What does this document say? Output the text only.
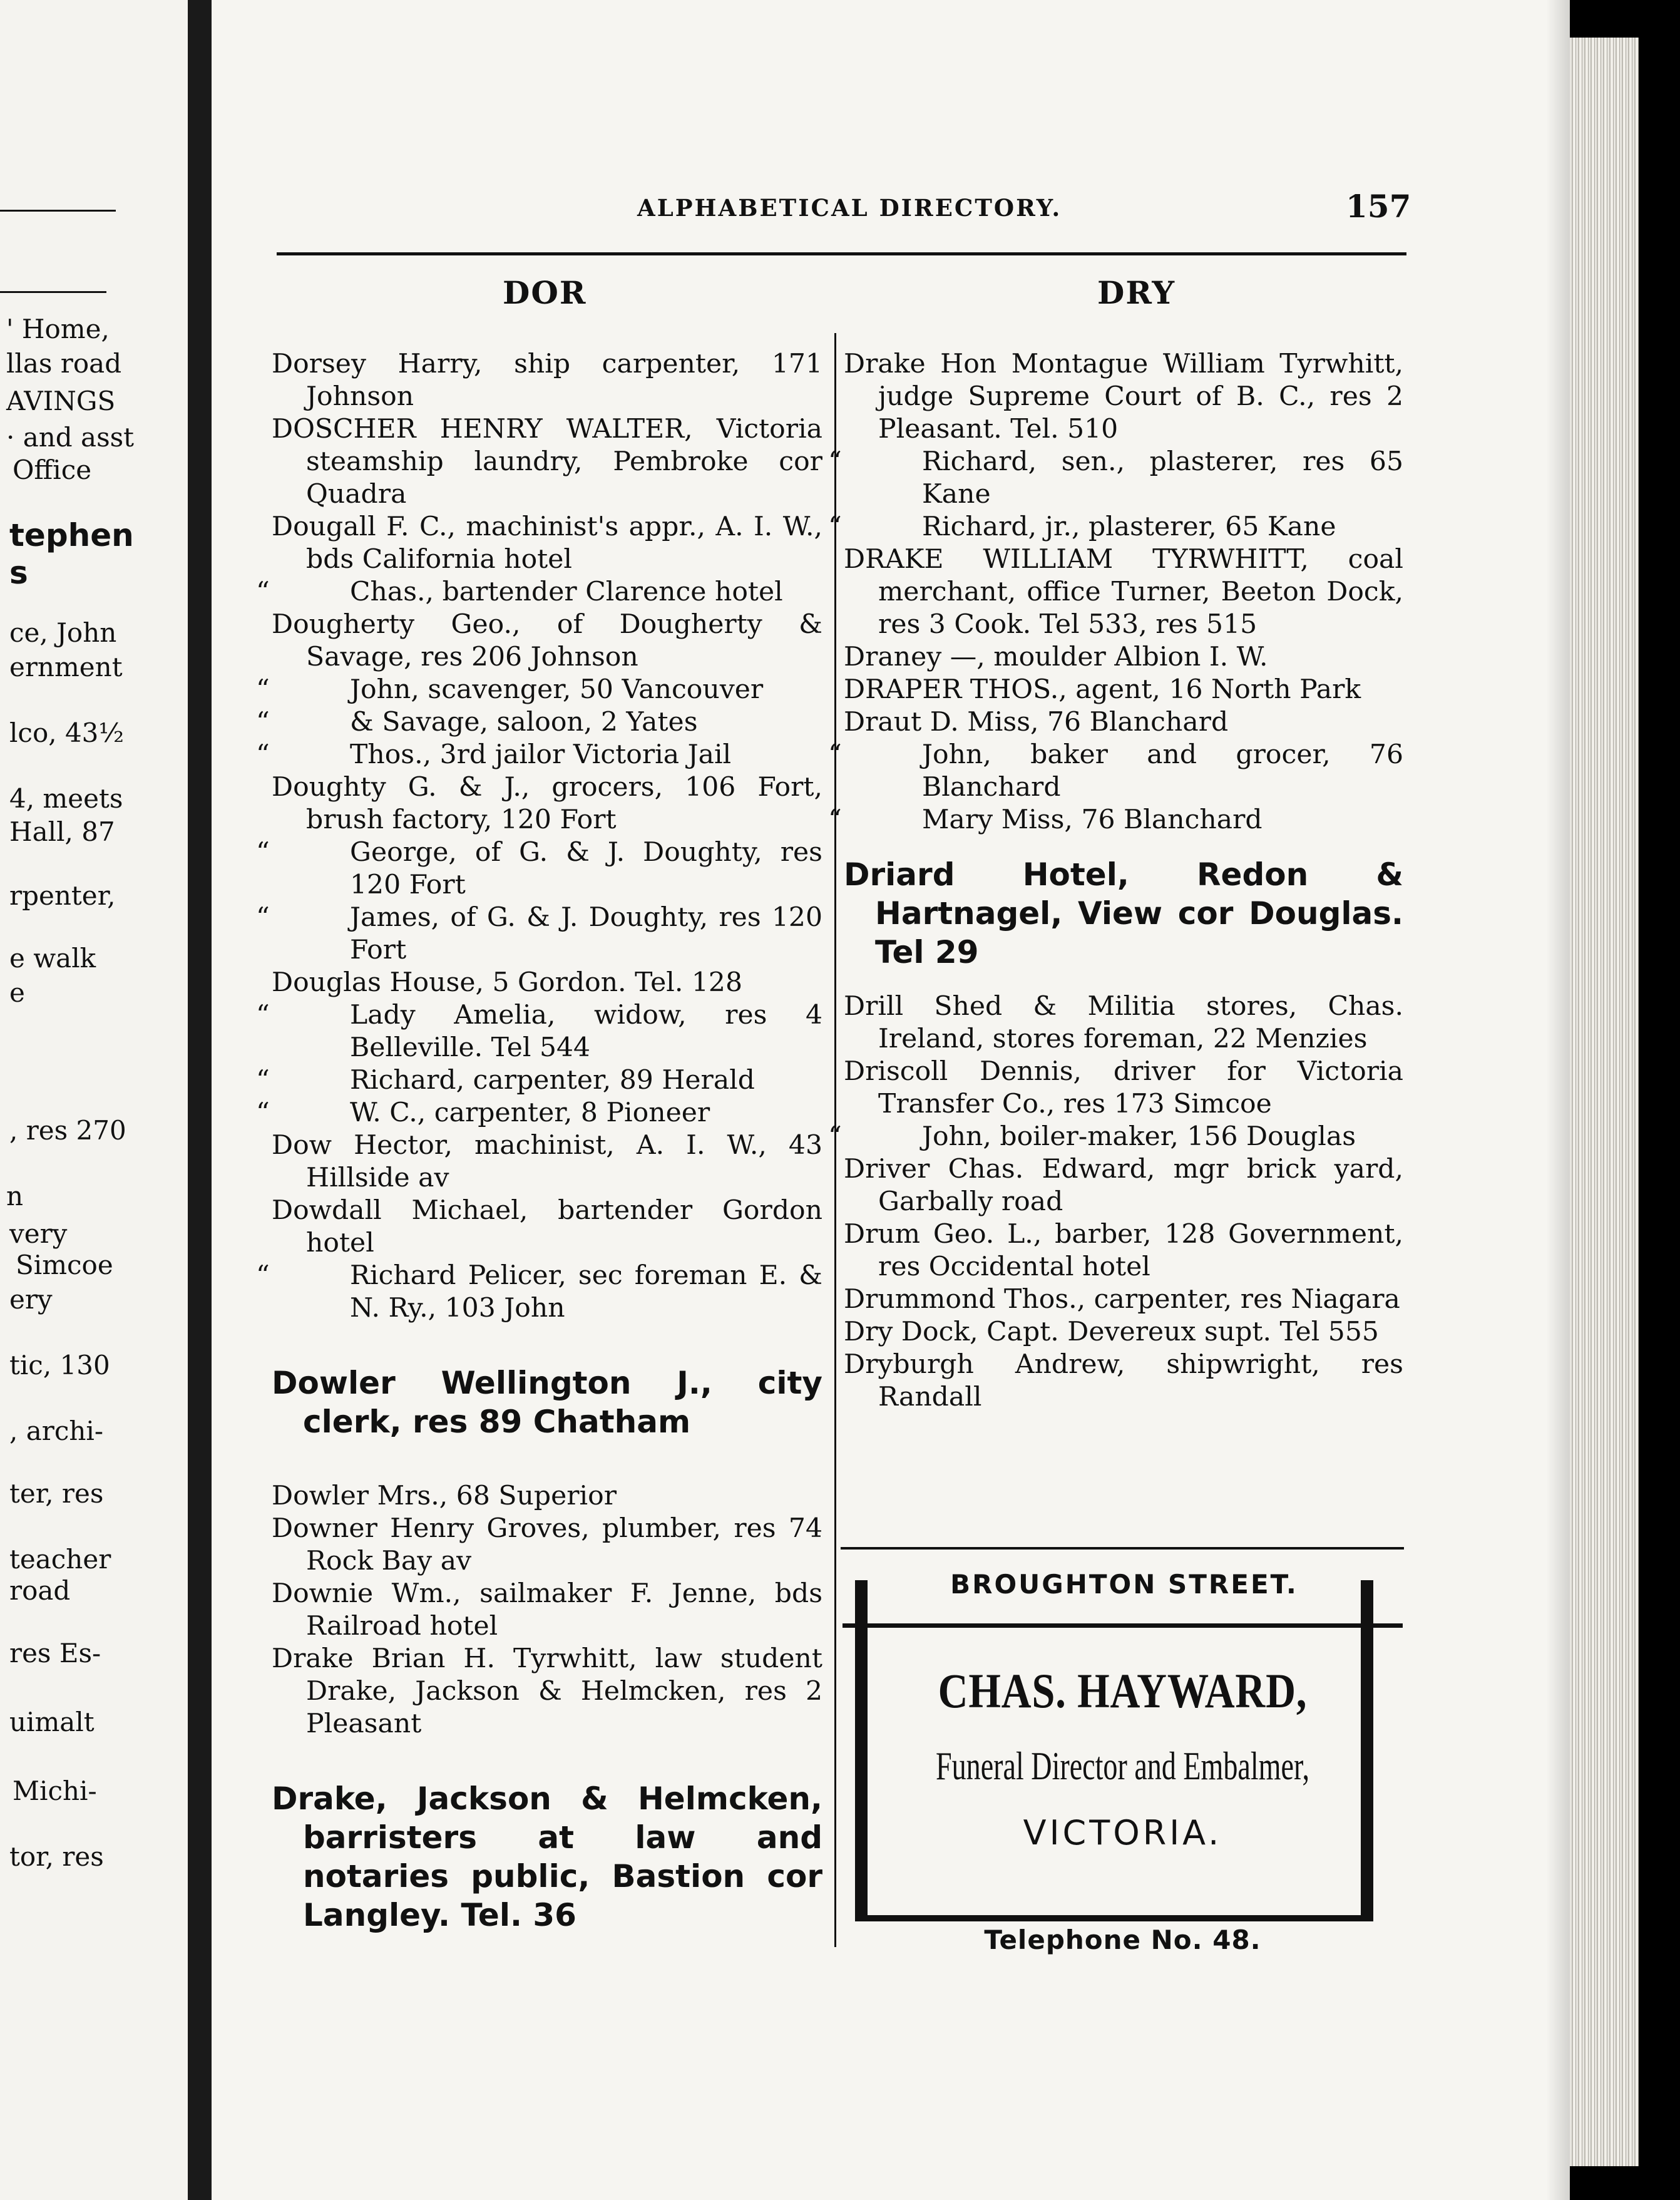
' Home,
llas road
AVINGS
· and asst
Office
tephen
s
ce, John
ernment
lco, 43½
4, meets
Hall, 87
rpenter,
e walk
e
, res 270
n
very
Simcoe
ery
tic, 130
, archi-
ter, res
teacher
road
res Es-
uimalt
Michi-
tor, res
ALPHABETICAL DIRECTORY.	157
DOR	DRY
Dorsey Harry, ship carpenter, 171 Johnson
DOSCHER HENRY WALTER, Victoria steamship laundry, Pembroke cor Quadra
Dougall F. C., machinist's appr., A. I. W., bds California hotel
“	Chas., bartender Clarence hotel
Dougherty Geo., of Dougherty & Savage, res 206 Johnson
“	John, scavenger, 50 Vancouver
“	& Savage, saloon, 2 Yates
“	Thos., 3rd jailor Victoria Jail
Doughty G. & J., grocers, 106 Fort, brush factory, 120 Fort
“	George, of G. & J. Doughty, res 120 Fort
“	James, of G. & J. Doughty, res 120 Fort
Douglas House, 5 Gordon. Tel. 128
“	Lady Amelia, widow, res 4 Belleville. Tel 544
“	Richard, carpenter, 89 Herald
“	W. C., carpenter, 8 Pioneer
Dow Hector, machinist, A. I. W., 43 Hillside av
Dowdall Michael, bartender Gordon hotel
“	Richard Pelicer, sec foreman E. & N. Ry., 103 John
Dowler Wellington J., city clerk, res 89 Chatham
Dowler Mrs., 68 Superior
Downer Henry Groves, plumber, res 74 Rock Bay av
Downie Wm., sailmaker F. Jenne, bds Railroad hotel
Drake Brian H. Tyrwhitt, law student Drake, Jackson & Helmcken, res 2 Pleasant
Drake, Jackson & Helmcken, barristers at law and notaries public, Bastion cor Langley. Tel. 36
Drake Hon Montague William Tyrwhitt, judge Supreme Court of B. C., res 2 Pleasant. Tel. 510
“	Richard, sen., plasterer, res 65 Kane
“	Richard, jr., plasterer, 65 Kane
DRAKE WILLIAM TYRWHITT, coal merchant, office Turner, Beeton Dock, res 3 Cook. Tel 533, res 515
Draney —, moulder Albion I. W.
DRAPER THOS., agent, 16 North Park
Draut D. Miss, 76 Blanchard
“	John, baker and grocer, 76 Blanchard
“	Mary Miss, 76 Blanchard
Driard Hotel, Redon & Hartnagel, View cor Douglas. Tel 29
Drill Shed & Militia stores, Chas. Ireland, stores foreman, 22 Menzies
Driscoll Dennis, driver for Victoria Transfer Co., res 173 Simcoe
“	John, boiler-maker, 156 Douglas
Driver Chas. Edward, mgr brick yard, Garbally road
Drum Geo. L., barber, 128 Government, res Occidental hotel
Drummond Thos., carpenter, res Niagara
Dry Dock, Capt. Devereux supt. Tel 555
Dryburgh Andrew, shipwright, res Randall
BROUGHTON STREET.
CHAS. HAYWARD,
Funeral Director and Embalmer,
VICTORIA.
Telephone No. 48.
